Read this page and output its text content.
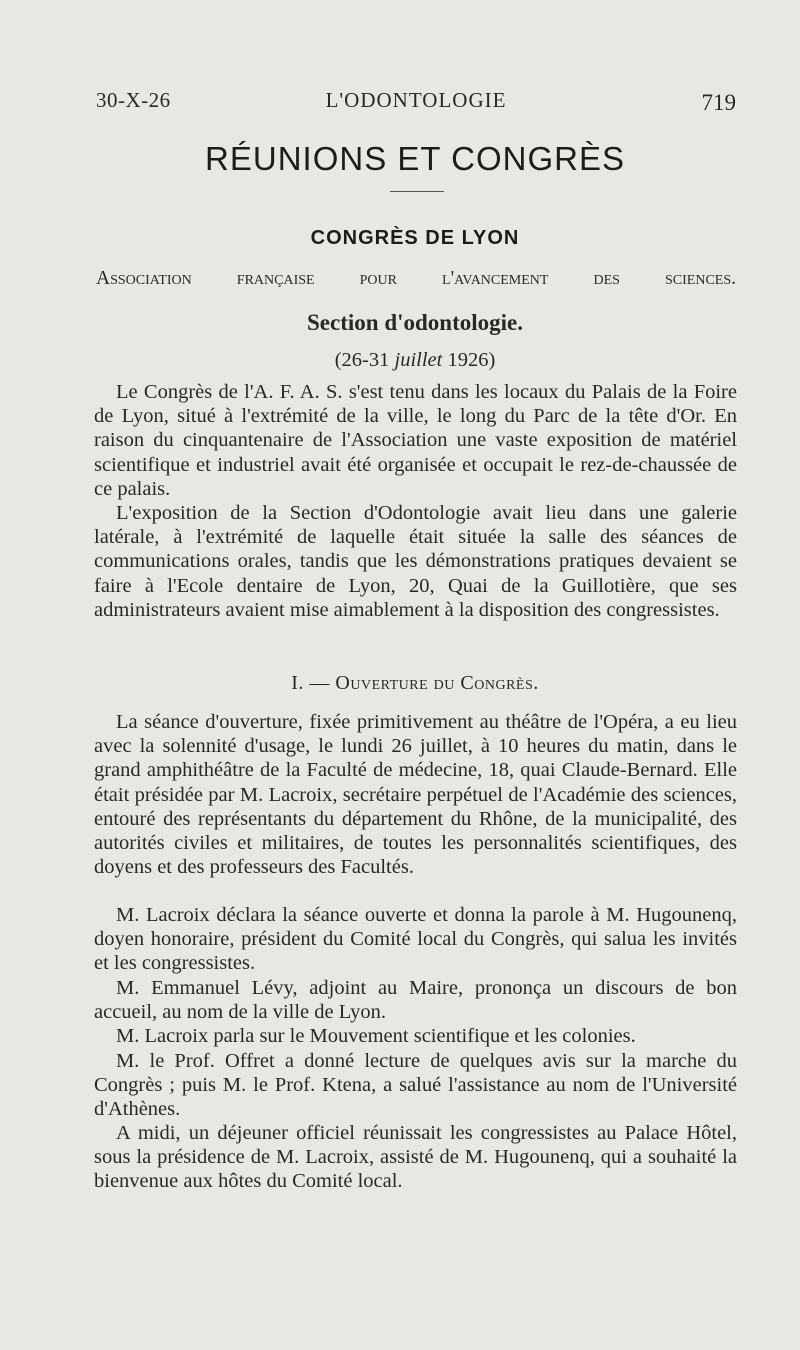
30-X-26	L'ODONTOLOGIE	719
RÉUNIONS ET CONGRÈS
CONGRÈS DE LYON
Association française pour l'avancement des sciences.
Section d'odontologie.
(26-31 juillet 1926)

Le Congrès de l'A. F. A. S. s'est tenu dans les locaux du Palais de la Foire de Lyon, situé à l'extrémité de la ville, le long du Parc de la tête d'Or. En raison du cinquantenaire de l'Association une vaste exposition de matériel scientifique et industriel avait été organisée et occupait le rez-de-chaussée de ce palais.

L'exposition de la Section d'Odontologie avait lieu dans une galerie latérale, à l'extrémité de laquelle était située la salle des séances de communications orales, tandis que les démonstrations pratiques devaient se faire à l'Ecole dentaire de Lyon, 20, Quai de la Guillotière, que ses administrateurs avaient mise aimablement à la disposition des congressistes.

I. — Ouverture du Congrès.

La séance d'ouverture, fixée primitivement au théâtre de l'Opéra, a eu lieu avec la solennité d'usage, le lundi 26 juillet, à 10 heures du matin, dans le grand amphithéâtre de la Faculté de médecine, 18, quai Claude-Bernard. Elle était présidée par M. Lacroix, secrétaire perpétuel de l'Académie des sciences, entouré des représentants du département du Rhône, de la municipalité, des autorités civiles et militaires, de toutes les personnalités scientifiques, des doyens et des professeurs des Facultés.

M. Lacroix déclara la séance ouverte et donna la parole à M. Hugounenq, doyen honoraire, président du Comité local du Congrès, qui salua les invités et les congressistes.

M. Emmanuel Lévy, adjoint au Maire, prononça un discours de bon accueil, au nom de la ville de Lyon.

M. Lacroix parla sur le Mouvement scientifique et les colonies.

M. le Prof. Offret a donné lecture de quelques avis sur la marche du Congrès ; puis M. le Prof. Ktena, a salué l'assistance au nom de l'Université d'Athènes.

A midi, un déjeuner officiel réunissait les congressistes au Palace Hôtel, sous la présidence de M. Lacroix, assisté de M. Hugounenq, qui a souhaité la bienvenue aux hôtes du Comité local.
